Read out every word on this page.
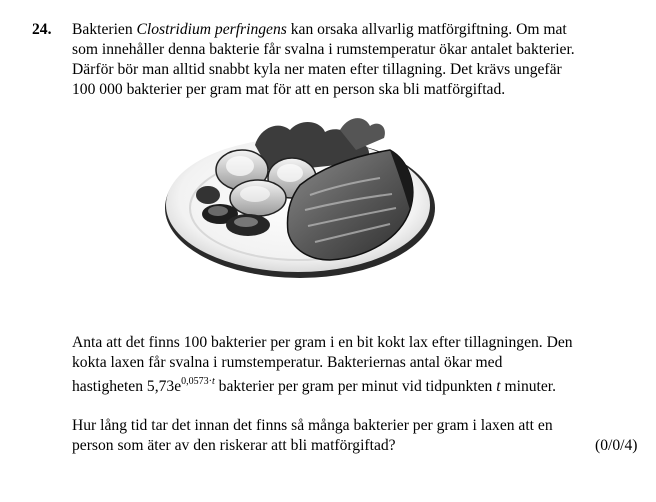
24. Bakterien Clostridium perfringens kan orsaka allvarlig matförgiftning. Om mat

som innehåller denna bakterie får svalna i rumstemperatur ökar antalet bakterier.

Därför bör man alltid snabbt kyla ner maten efter tillagning. Det krävs ungefär

100 000 bakterier per gram mat för att en person ska bli matförgiftad.

Anta att det finns 100 bakterier per gram i en bit kokt lax efter tillagningen. Den

kokta laxen får svalna i rumstemperatur. Bakteriernas antal ökar med

hastigheten $5,73e^{0,0573\cdot t}$ bakterier per gram per minut vid tidpunkten t minuter.

Hur lång tid tar det innan det finns så många bakterier per gram i laxen att en

person som äter av den riskerar att bli matförgiftad?	(0/0/4)
